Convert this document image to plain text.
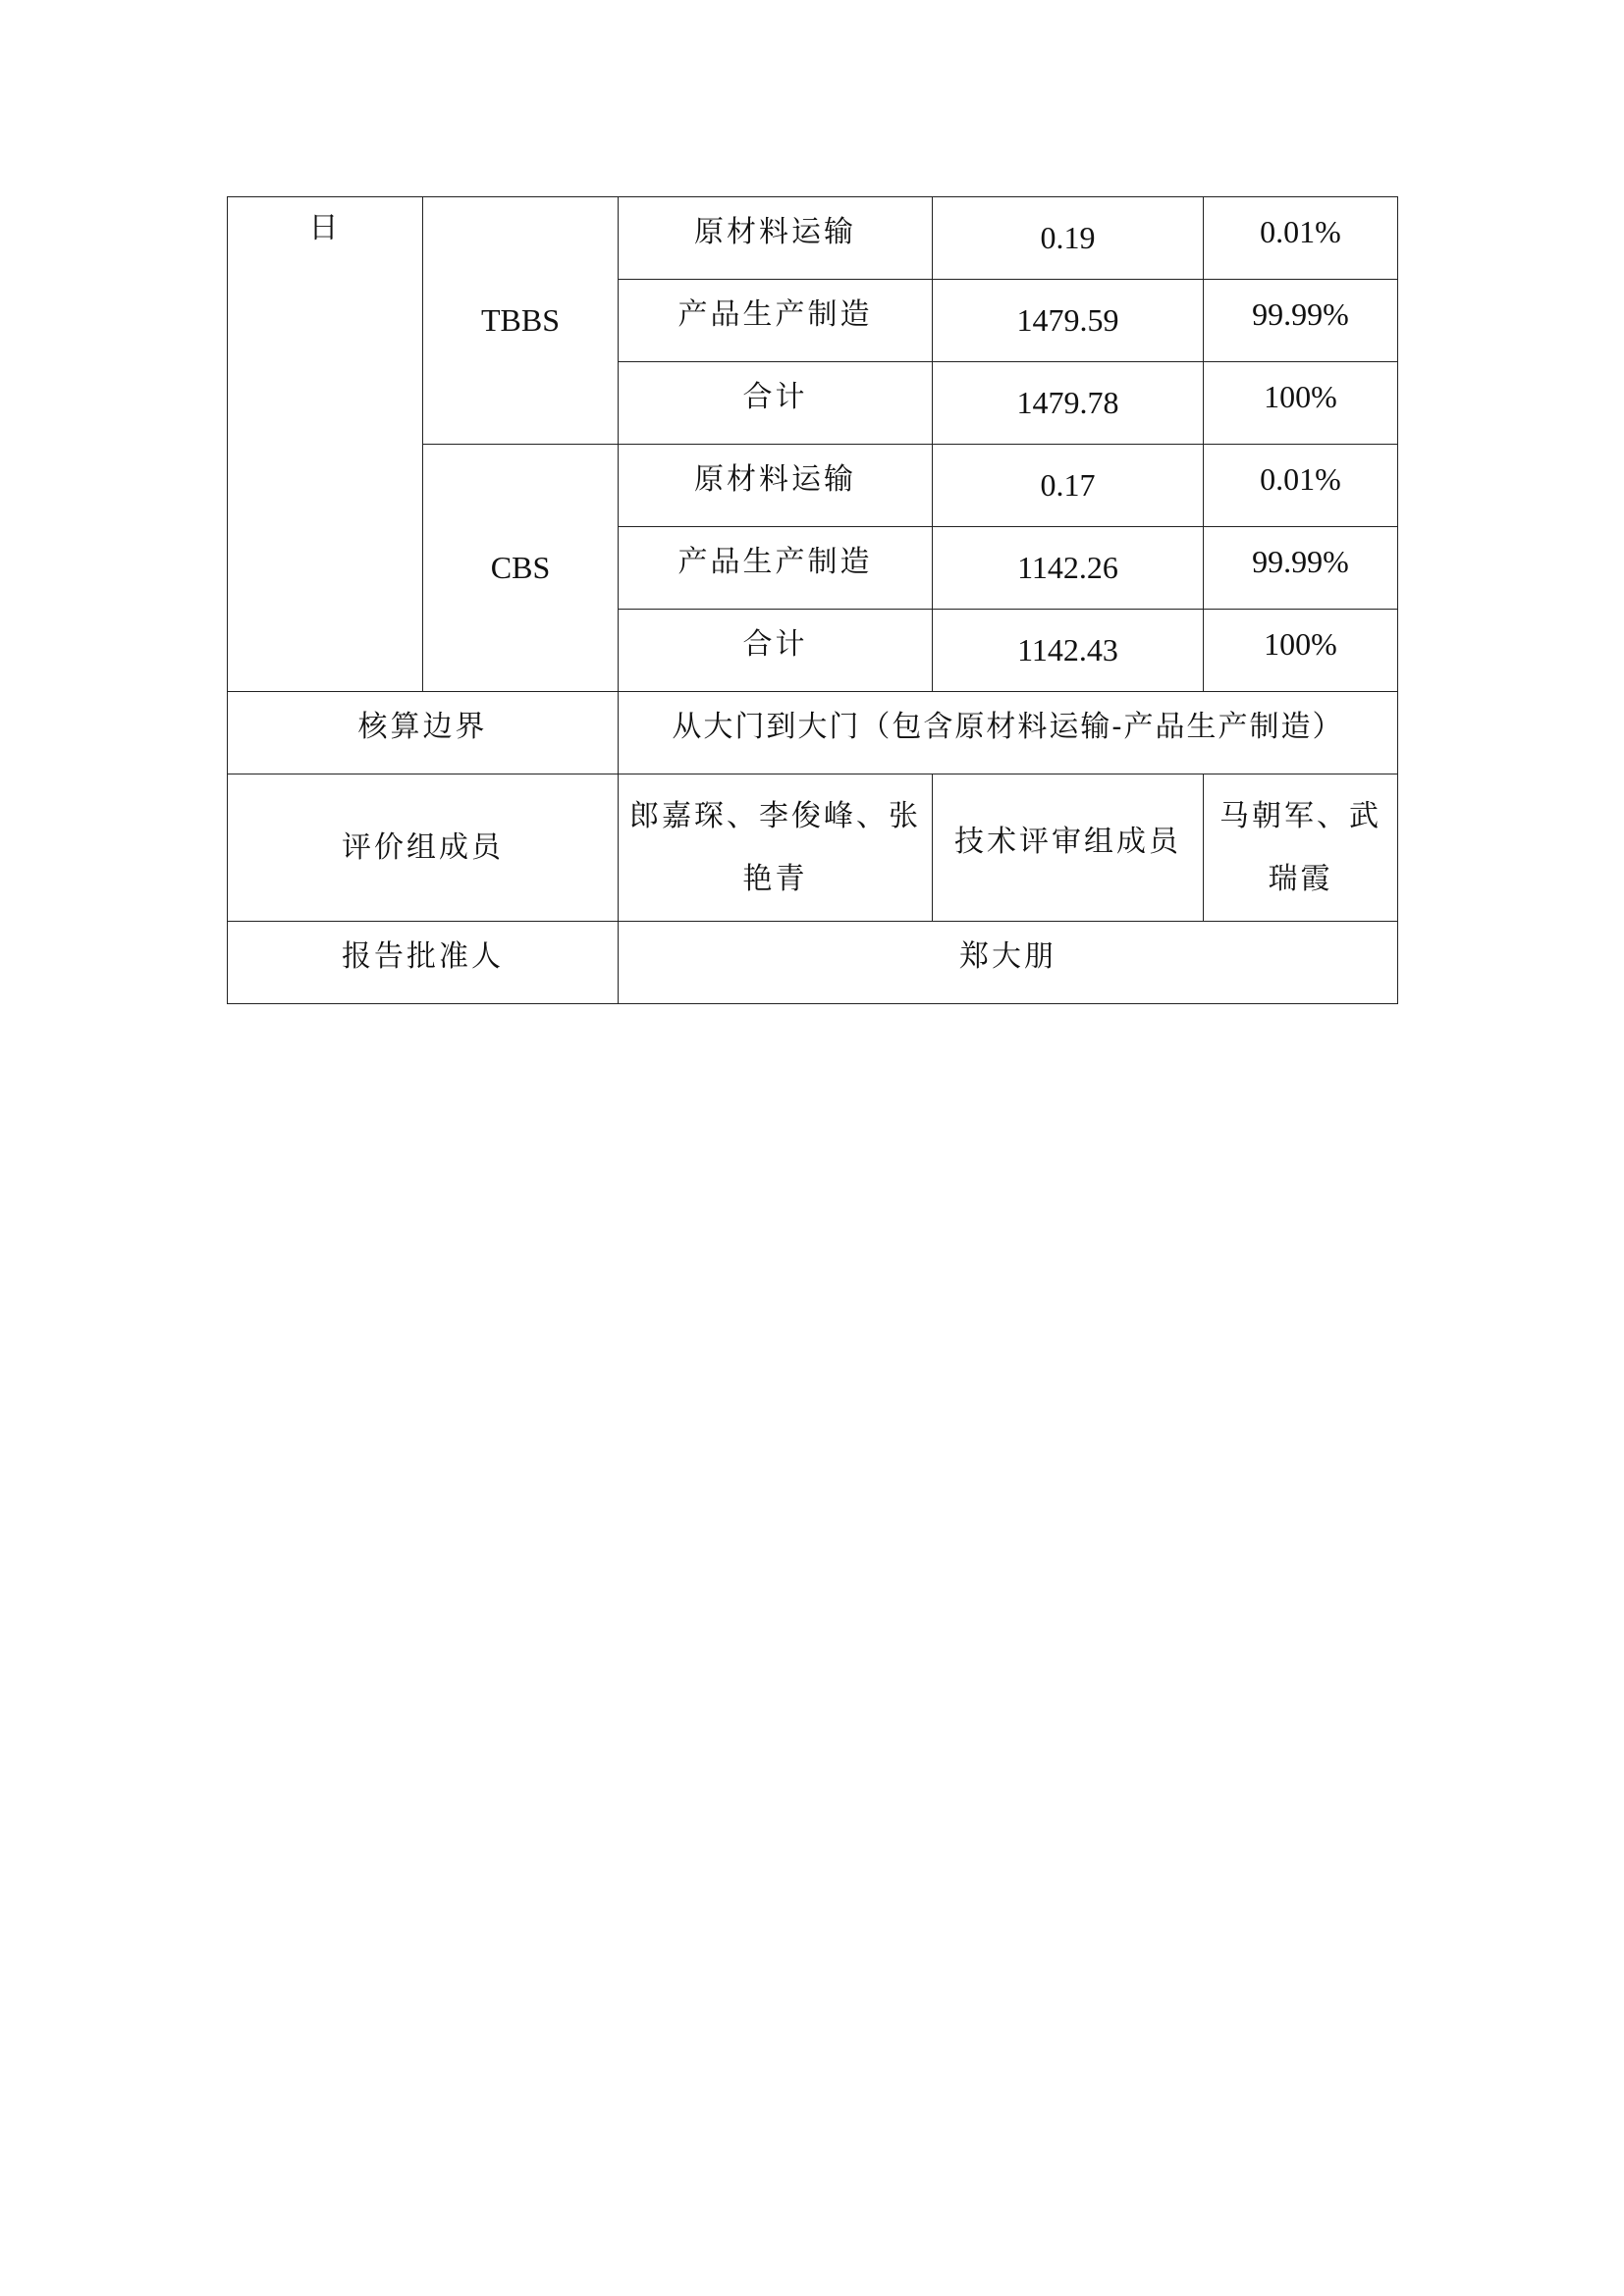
日	TBBS	原材料运输	0.19	0.01%
		产品生产制造	1479.59	99.99%
		合计	1479.78	100%
	CBS	原材料运输	0.17	0.01%
		产品生产制造	1142.26	99.99%
		合计	1142.43	100%
核算边界		从大门到大门（包含原材料运输-产品生产制造）		
评价组成员		郎嘉琛、李俊峰、张艳青	技术评审组成员	马朝军、武瑞霞
报告批准人		郑大朋		
